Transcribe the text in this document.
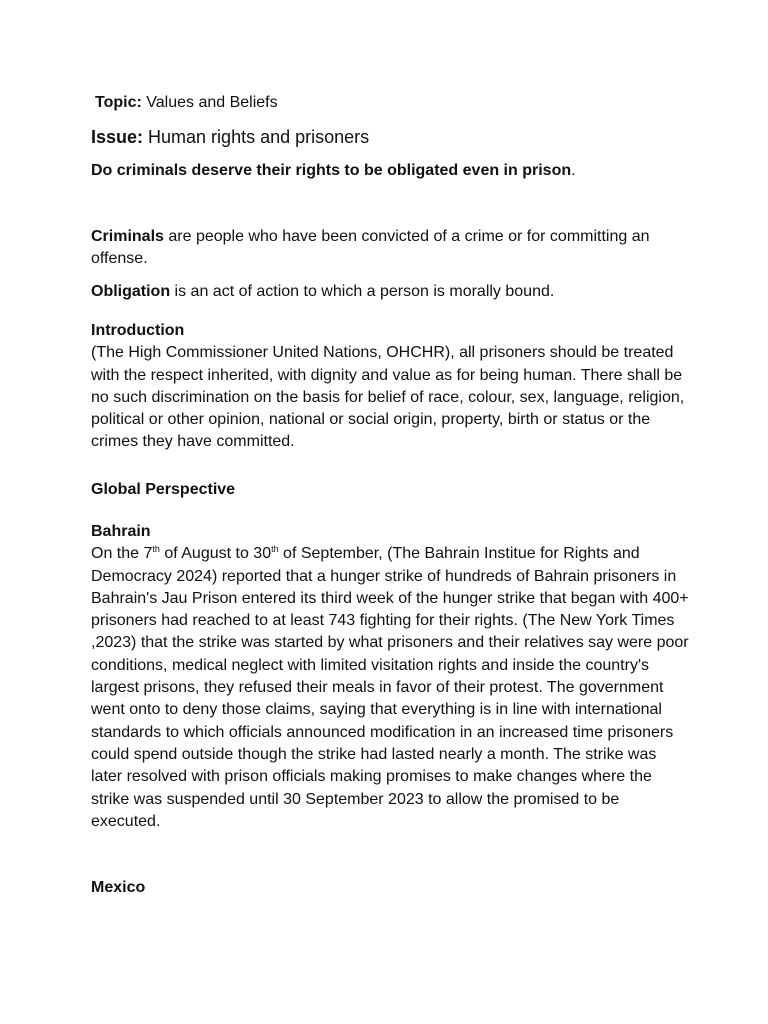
Topic: Values and Beliefs

Issue: Human rights and prisoners

Do criminals deserve their rights to be obligated even in prison.

Criminals are people who have been convicted of a crime or for committing an offense.

Obligation is an act of action to which a person is morally bound.

Introduction
(The High Commissioner United Nations, OHCHR), all prisoners should be treated with the respect inherited, with dignity and value as for being human. There shall be no such discrimination on the basis for belief of race, colour, sex, language, religion, political or other opinion, national or social origin, property, birth or status or the crimes they have committed.
Global Perspective
Bahrain
On the 7th of August to 30th of September, (The Bahrain Institue for Rights and Democracy 2024) reported that a hunger strike of hundreds of Bahrain prisoners in Bahrain's Jau Prison entered its third week of the hunger strike that began with 400+ prisoners had reached to at least 743 fighting for their rights. (The New York Times ,2023) that the strike was started by what prisoners and their relatives say were poor conditions, medical neglect with limited visitation rights and inside the country's largest prisons, they refused their meals in favor of their protest. The government went onto to deny those claims, saying that everything is in line with international standards to which officials announced modification in an increased time prisoners could spend outside though the strike had lasted nearly a month. The strike was later resolved with prison officials making promises to make changes where the strike was suspended until 30 September 2023 to allow the promised to be executed.
Mexico
